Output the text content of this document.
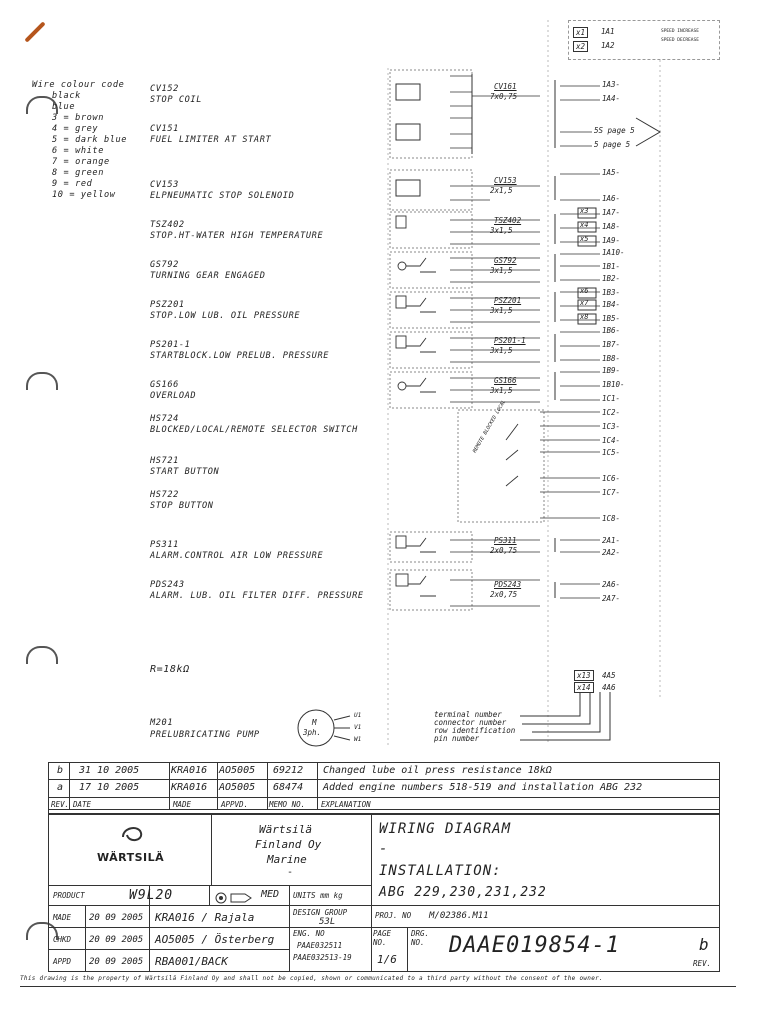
Wire colour code
black
blue
3 = brown
4 = grey
5 = dark blue
6 = white
7 = orange
8 = green
9 = red
10 = yellow
CV152
STOP COIL
CV151
FUEL LIMITER AT START
CV153
ELPNEUMATIC STOP SOLENOID
TSZ402
STOP.HT-WATER HIGH TEMPERATURE
GS792
TURNING GEAR ENGAGED
PSZ201
STOP.LOW LUB. OIL PRESSURE
PS201-1
STARTBLOCK.LOW PRELUB. PRESSURE
GS166
OVERLOAD
HS724
BLOCKED/LOCAL/REMOTE SELECTOR SWITCH
HS721
START BUTTON
HS722
STOP BUTTON
PS311
ALARM.CONTROL AIR LOW PRESSURE
PDS243
ALARM. LUB. OIL FILTER DIFF. PRESSURE
x1
x2
1A1
1A2
SPEED INCREASE
SPEED DECREASE
CV161
7x0,75
CV153
2x1,5
TSZ402
3x1,5
GS792
3x1,5
PSZ201
3x1,5
PS201-1
3x1,5
GS166
3x1,5
PS311
2x0,75
PDS243
2x0,75
1A3-
1A4-
5S page 5
5 page 5
1A5-
1A6-
1A7-
1A8-
1A9-
1A10-
1B1-
1B2-
1B3-
1B4-
1B5-
1B6-
1B7-
1B8-
1B9-
1B10-
1C1-
1C2-
1C3-
1C4-
1C5-
1C6-
1C7-
1C8-
2A1-
2A2-
2A6-
2A7-
x3
x4
x5
x6
x7
x8
REMOTE BLOCKED LOCAL
x13
x14
4A5
4A6
R=18kΩ
M201
PRELUBRICATING PUMP
M
3ph.
U1
V1
W1
terminal number
connector number
row identification
pin number
b 31 10 2005	KRA016 AO5005 69212 Changed lube oil press resistance 18kΩ
a 17 10 2005	KRA016 AO5005 68474 Added engine numbers 518-519 and installation ABG 232
REV. DATE	MADE	APPVD.	MEMO NO. EXPLANATION
WÄRTSILÄ
Wärtsilä
Finland Oy
Marine
-
WIRING DIAGRAM
-
INSTALLATION:
ABG 229,230,231,232
PRODUCT	W9L20	MED UNITS mm kg
MADE 20 09 2005 KRA016 / Rajala
CHKD 20 09 2005 AO5005 / Österberg
APPD 20 09 2005 RBA001/BACK
DESIGN GROUP
53L
ENG. NO
PAAE032511
PAAE032513-19
PROJ. NO M/02386.M11
PAGE NO.
1/6
DRG. NO.	DAAE019854-1	b
REV.
This drawing is the property of Wärtsilä Finland Oy and shall not be copied, shown or communicated to a third party without the consent of the owner.
